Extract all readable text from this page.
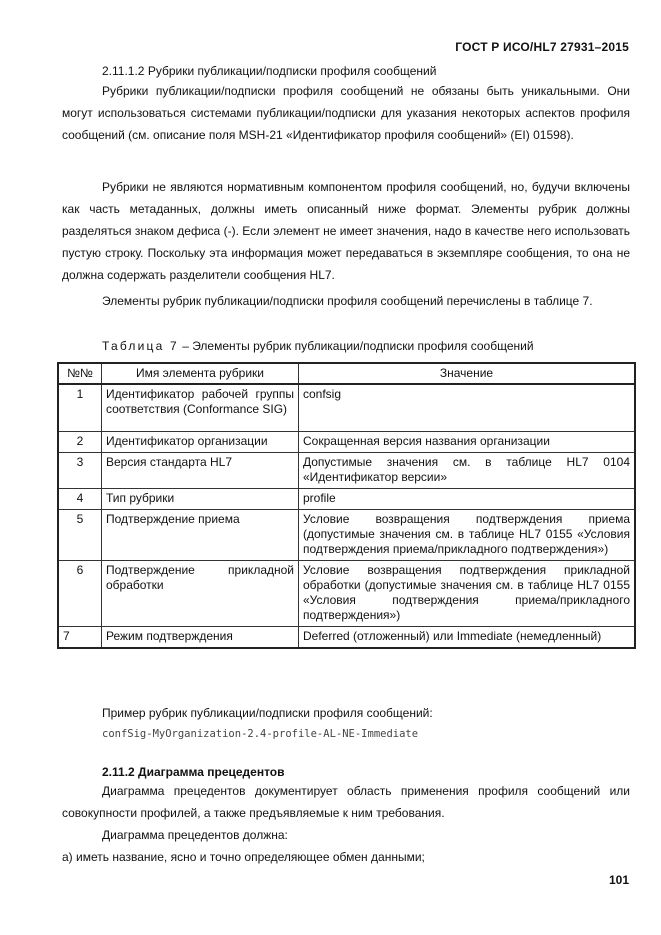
ГОСТ Р ИСО/HL7 27931–2015
2.11.1.2 Рубрики публикации/подписки профиля сообщений

Рубрики публикации/подписки профиля сообщений не обязаны быть уникальными. Они могут использоваться системами публикации/подписки для указания некоторых аспектов профиля сообщений (см. описание поля MSH-21 «Идентификатор профиля сообщений» (EI) 01598).

Рубрики не являются нормативным компонентом профиля сообщений, но, будучи включены как часть метаданных, должны иметь описанный ниже формат. Элементы рубрик должны разделяться знаком дефиса (-). Если элемент не имеет значения, надо в качестве него использовать пустую строку. Поскольку эта информация может передаваться в экземпляре сообщения, то она не должна содержать разделители сообщения HL7.

Элементы рубрик публикации/подписки профиля сообщений перечислены в таблице 7.

Таблица 7 – Элементы рубрик публикации/подписки профиля сообщений
№№	Имя элемента рубрики	Значение
1	Идентификатор рабочей группы соответствия (Conformance SIG)	confsig
2	Идентификатор организации	Сокращенная версия названия организации
3	Версия стандарта HL7	Допустимые значения см. в таблице HL7 0104 «Идентификатор версии»
4	Тип рубрики	profile
5	Подтверждение приема	Условие возвращения подтверждения приема (допустимые значения см. в таблице HL7 0155 «Условия подтверждения приема/прикладного подтверждения»)
6	Подтверждение прикладной обработки	Условие возвращения подтверждения прикладной обработки (допустимые значения см. в таблице HL7 0155 «Условия подтверждения приема/прикладного подтверждения»)
7	Режим подтверждения	Deferred (отложенный) или Immediate (немедленный)
Пример рубрик публикации/подписки профиля сообщений:
confSig-MyOrganization-2.4-profile-AL-NE-Immediate
2.11.2 Диаграмма прецедентов

Диаграмма прецедентов документирует область применения профиля сообщений или совокупности профилей, а также предъявляемые к ним требования.

Диаграмма прецедентов должна:

а) иметь название, ясно и точно определяющее обмен данными;

101
